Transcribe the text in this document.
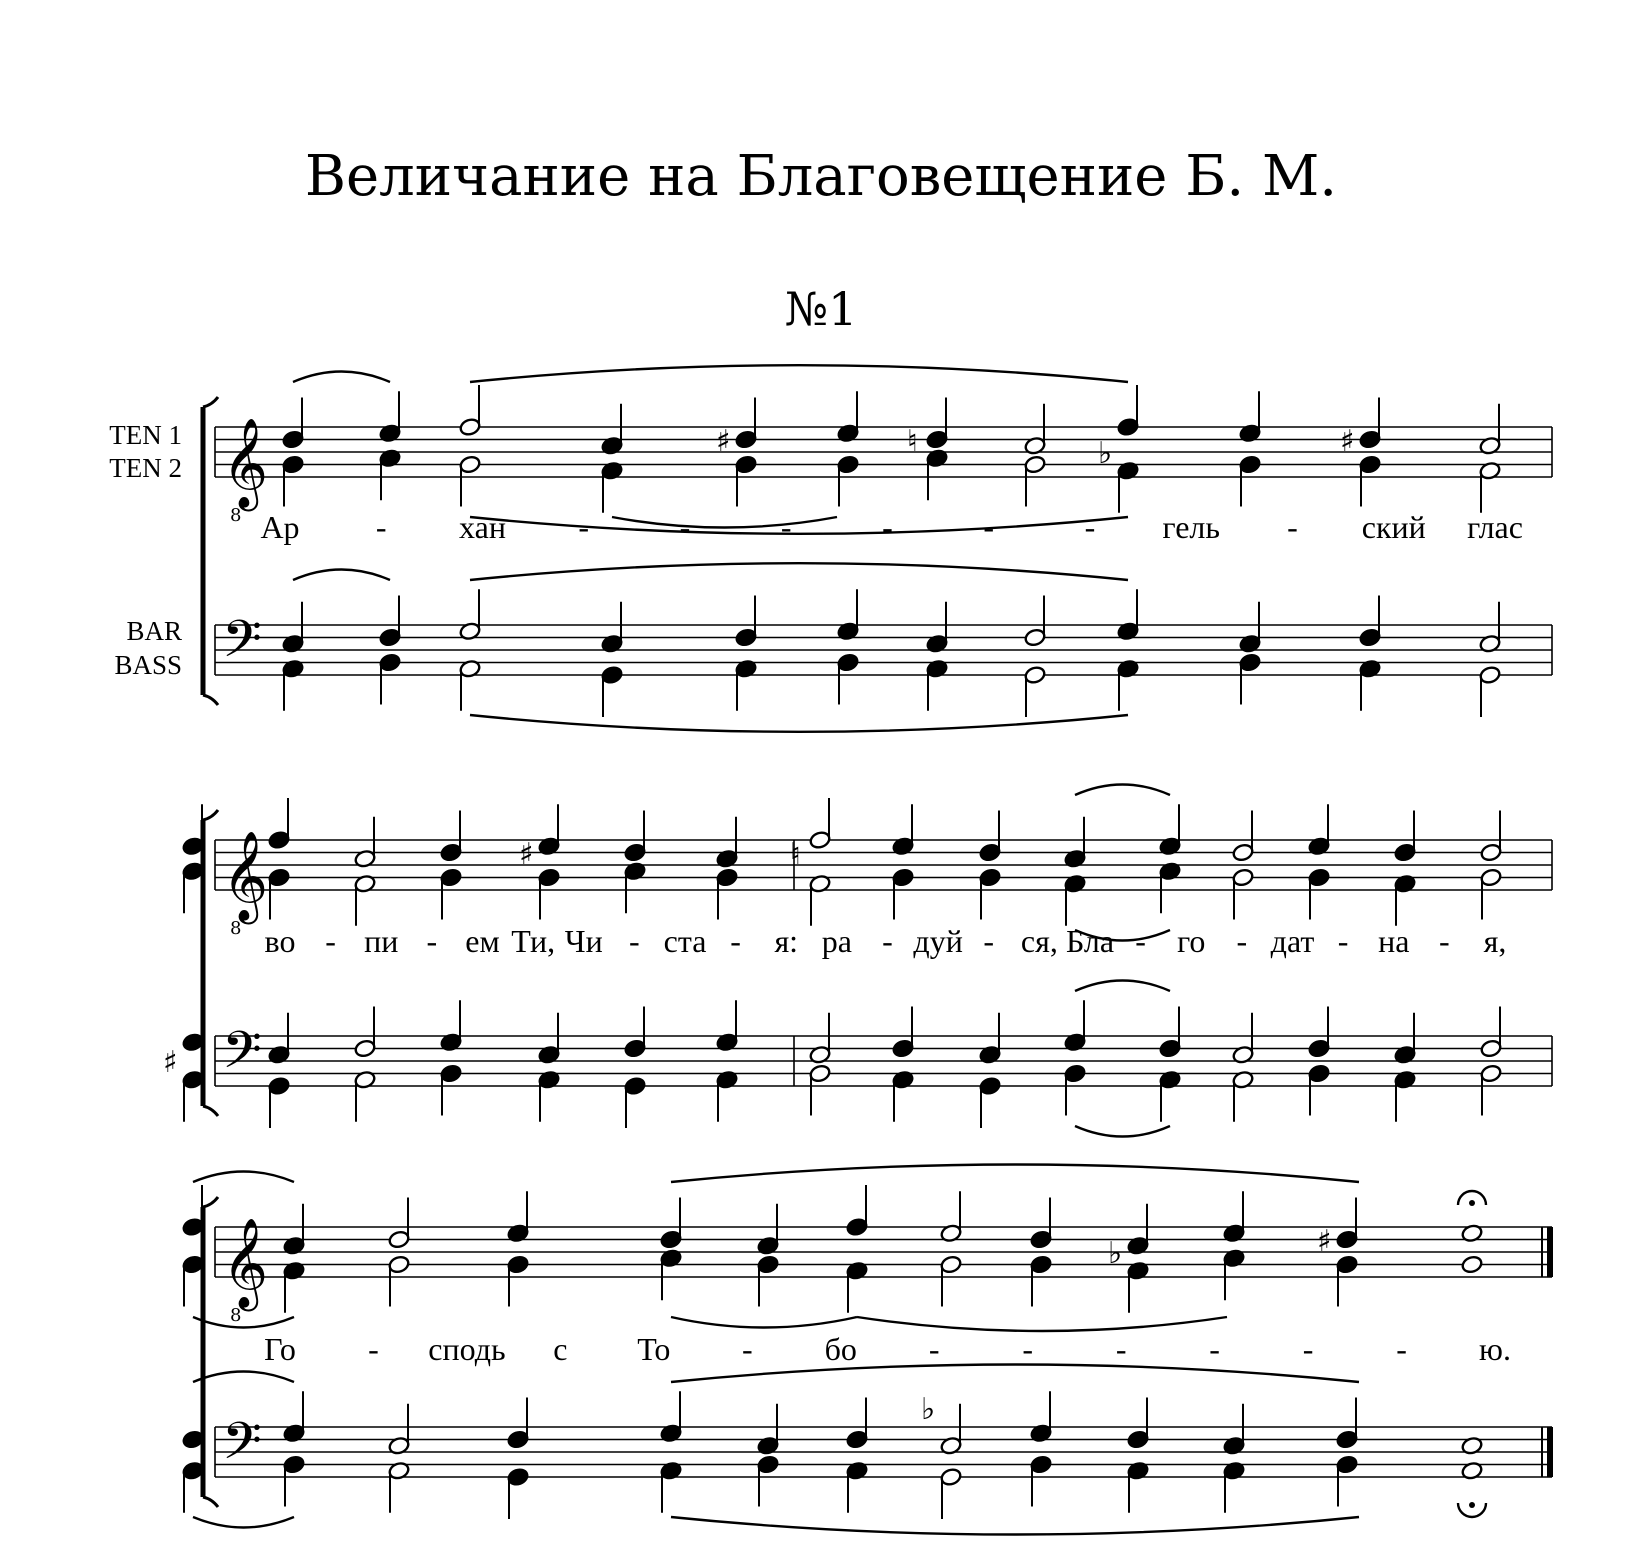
Величание на Благовещение Б. М.
№1
TEN 1
TEN 2
BAR
BASS
𝄞
8
𝄢
♯	♮	♭	♯
𝄞
8
𝄢
♯	♮
♯
𝄞
8
𝄢
♭	♯
♭
Ар - хан -	-	-	-	-	- гель - ский глас
во - пи - ем Ти, Чи - ста - я: ра - дуй - ся, Бла - го - дат - на - я,
Го - сподь с То - бо -	-	-	-	-	- ю.
